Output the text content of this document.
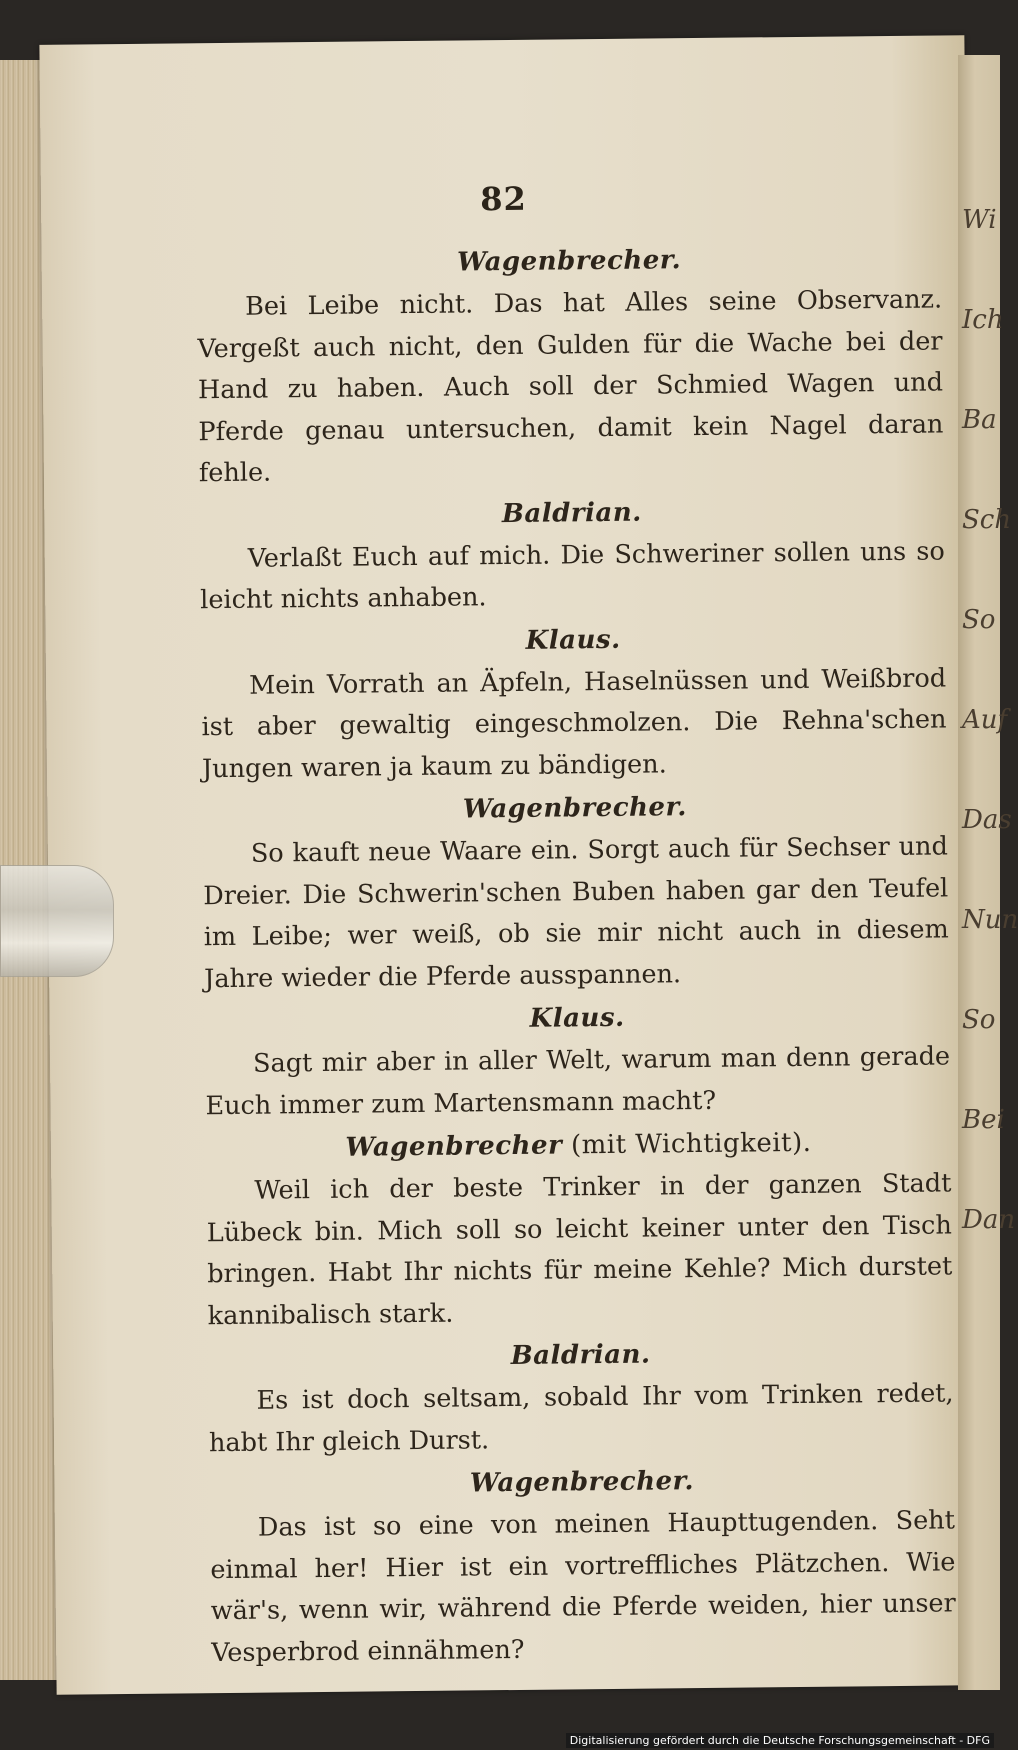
82
Wagenbrecher.

Bei Leibe nicht. Das hat Alles seine Observanz. Vergeßt auch nicht, den Gulden für die Wache bei der Hand zu haben. Auch soll der Schmied Wagen und Pferde genau untersuchen, damit kein Nagel daran fehle.

Baldrian.

Verlaßt Euch auf mich. Die Schweriner sollen uns so leicht nichts anhaben.

Klaus.

Mein Vorrath an Äpfeln, Haselnüssen und Weißbrod ist aber gewaltig eingeschmolzen. Die Rehna'schen Jungen waren ja kaum zu bändigen.

Wagenbrecher.

So kauft neue Waare ein. Sorgt auch für Sechser und Dreier. Die Schwerin'schen Buben haben gar den Teufel im Leibe; wer weiß, ob sie mir nicht auch in diesem Jahre wieder die Pferde ausspannen.

Klaus.

Sagt mir aber in aller Welt, warum man denn gerade Euch immer zum Martensmann macht?

Wagenbrecher (mit Wichtigkeit).

Weil ich der beste Trinker in der ganzen Stadt Lübeck bin. Mich soll so leicht keiner unter den Tisch bringen. Habt Ihr nichts für meine Kehle? Mich durstet kannibalisch stark.

Baldrian.

Es ist doch seltsam, sobald Ihr vom Trinken redet, habt Ihr gleich Durst.

Wagenbrecher.

Das ist so eine von meinen Haupttugenden. Seht einmal her! Hier ist ein vortreffliches Plätzchen. Wie wär's, wenn wir, während die Pferde weiden, hier unser Vesperbrod einnähmen?

Wi
Ich
Ba
Sch
So
Auf
Das
Nun
So
Bei
Dan
Digitalisierung gefördert durch die Deutsche Forschungsgemeinschaft - DFG
